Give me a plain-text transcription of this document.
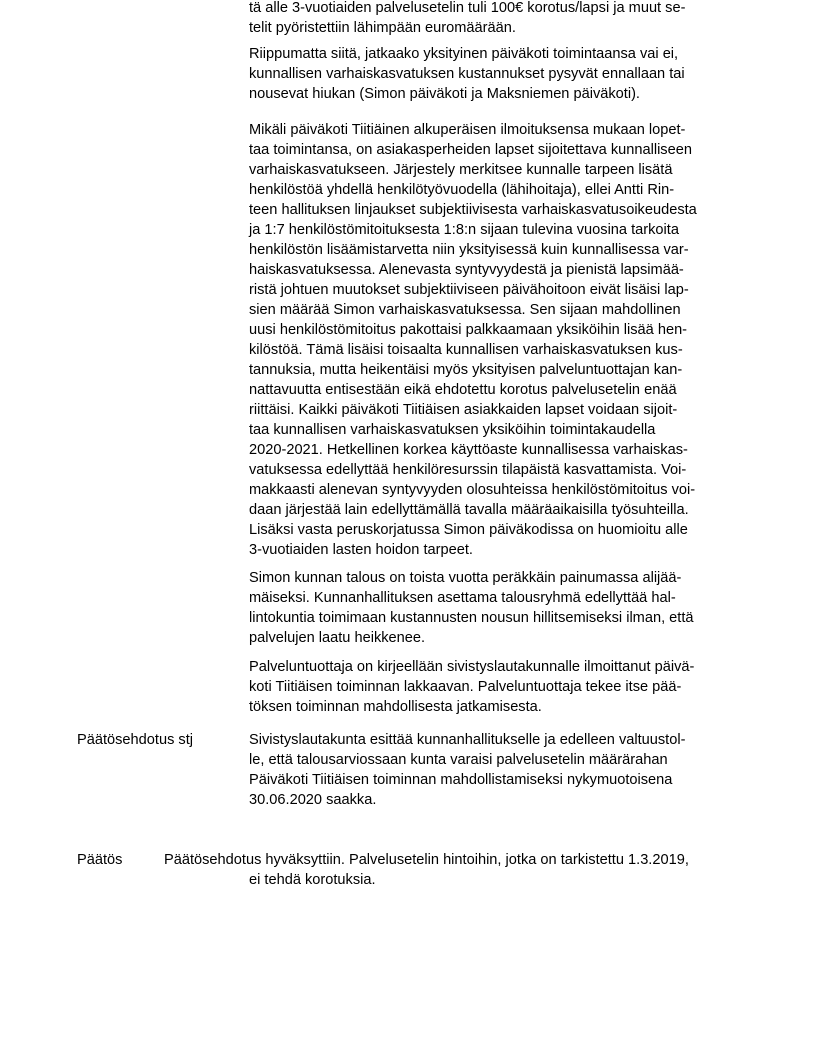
tä alle 3-vuotiaiden palvelusetelin tuli 100€ korotus/lapsi ja muut se-
telit pyöristettiin lähimpään euromäärään.
Riippumatta siitä, jatkaako yksityinen päiväkoti toimintaansa vai ei,
kunnallisen varhaiskasvatuksen kustannukset pysyvät ennallaan tai
nousevat hiukan (Simon päiväkoti ja Maksniemen päiväkoti).
Mikäli päiväkoti Tiitiäinen alkuperäisen ilmoituksensa mukaan lopet-
taa toimintansa, on asiakasperheiden lapset sijoitettava kunnalliseen
varhaiskasvatukseen. Järjestely merkitsee kunnalle tarpeen lisätä
henkilöstöä yhdellä henkilötyövuodella (lähihoitaja), ellei Antti Rin-
teen hallituksen linjaukset subjektiivisesta varhaiskasvatusoikeudesta
ja 1:7 henkilöstömitoituksesta 1:8:n sijaan tulevina vuosina tarkoita
henkilöstön lisäämistarvetta niin yksityisessä kuin kunnallisessa var-
haiskasvatuksessa. Alenevasta syntyvyydestä ja pienistä lapsimää-
ristä johtuen muutokset subjektiiviseen päivähoitoon eivät lisäisi lap-
sien määrää Simon varhaiskasvatuksessa. Sen sijaan mahdollinen
uusi henkilöstömitoitus pakottaisi palkkaamaan yksiköihin lisää hen-
kilöstöä. Tämä lisäisi toisaalta kunnallisen varhaiskasvatuksen kus-
tannuksia, mutta heikentäisi myös yksityisen palveluntuottajan kan-
nattavuutta entisestään eikä ehdotettu korotus palvelusetelin enää
riittäisi. Kaikki päiväkoti Tiitiäisen asiakkaiden lapset voidaan sijoit-
taa kunnallisen varhaiskasvatuksen yksiköihin toimintakaudella
2020-2021. Hetkellinen korkea käyttöaste kunnallisessa varhaiskas-
vatuksessa edellyttää henkilöresurssin tilapäistä kasvattamista. Voi-
makkaasti alenevan syntyvyyden olosuhteissa henkilöstömitoitus voi-
daan järjestää lain edellyttämällä tavalla määräaikaisilla työsuhteilla.
Lisäksi vasta peruskorjatussa Simon päiväkodissa on huomioitu alle
3-vuotiaiden lasten hoidon tarpeet.
Simon kunnan talous on toista vuotta peräkkäin painumassa alijää-
mäiseksi. Kunnanhallituksen asettama talousryhmä edellyttää hal-
lintokuntia toimimaan kustannusten nousun hillitsemiseksi ilman, että
palvelujen laatu heikkenee.
Palveluntuottaja on kirjeellään sivistyslautakunnalle ilmoittanut päivä-
koti Tiitiäisen toiminnan lakkaavan. Palveluntuottaja tekee itse pää-
töksen toiminnan mahdollisesta jatkamisesta.
Päätösehdotus stj	Sivistyslautakunta esittää kunnanhallitukselle ja edelleen valtuustol-
le, että talousarviossaan kunta varaisi palvelusetelin määrärahan
Päiväkoti Tiitiäisen toiminnan mahdollistamiseksi nykymuotoisena
30.06.2020 saakka.
Päätös	Päätösehdotus hyväksyttiin. Palvelusetelin hintoihin, jotka on tarkistettu 1.3.2019,
ei tehdä korotuksia.
